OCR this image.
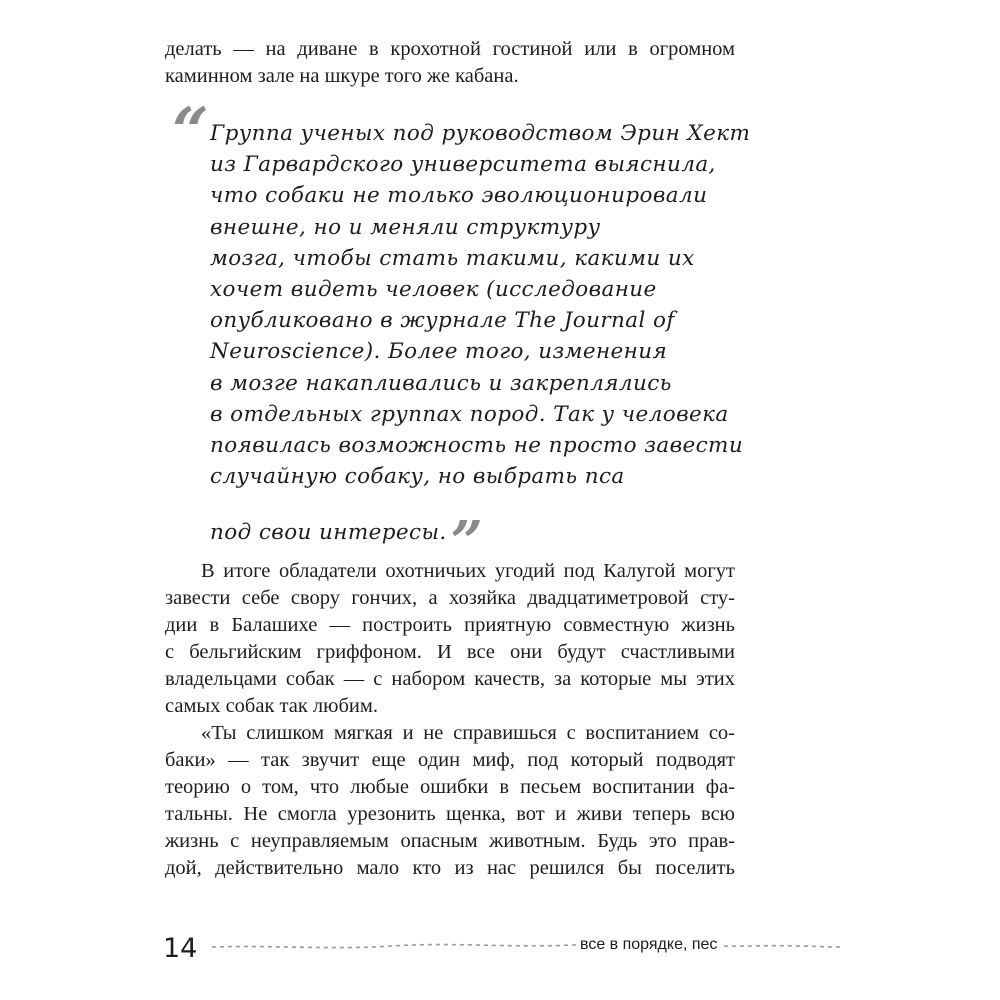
делать — на диване в крохотной гостиной или в огромном
каминном зале на шкуре того же кабана.
“ Группа ученых под руководством Эрин Хект
из Гарвардского университета выяснила,
что собаки не только эволюционировали
внешне, но и меняли структуру
мозга, чтобы стать такими, какими их
хочет видеть человек (исследование
опубликовано в журнале The Journal of
Neuroscience). Более того, изменения
в мозге накапливались и закреплялись
в отдельных группах пород. Так у человека
появилась возможность не просто завести
случайную собаку, но выбрать пса
под свои интересы.”
В итоге обладатели охотничьих угодий под Калугой могут
завести себе свору гончих, а хозяйка двадцатиметровой сту-
дии в Балашихе — построить приятную совместную жизнь
с бельгийским гриффоном. И все они будут счастливыми
владельцами собак — с набором качеств, за которые мы этих
самых собак так любим.
«Ты слишком мягкая и не справишься с воспитанием со-
баки» — так звучит еще один миф, под который подводят
теорию о том, что любые ошибки в песьем воспитании фа-
тальны. Не смогла урезонить щенка, вот и живи теперь всю
жизнь с неуправляемым опасным животным. Будь это прав-
дой, действительно мало кто из нас решился бы поселить
14	все в порядке, пес
